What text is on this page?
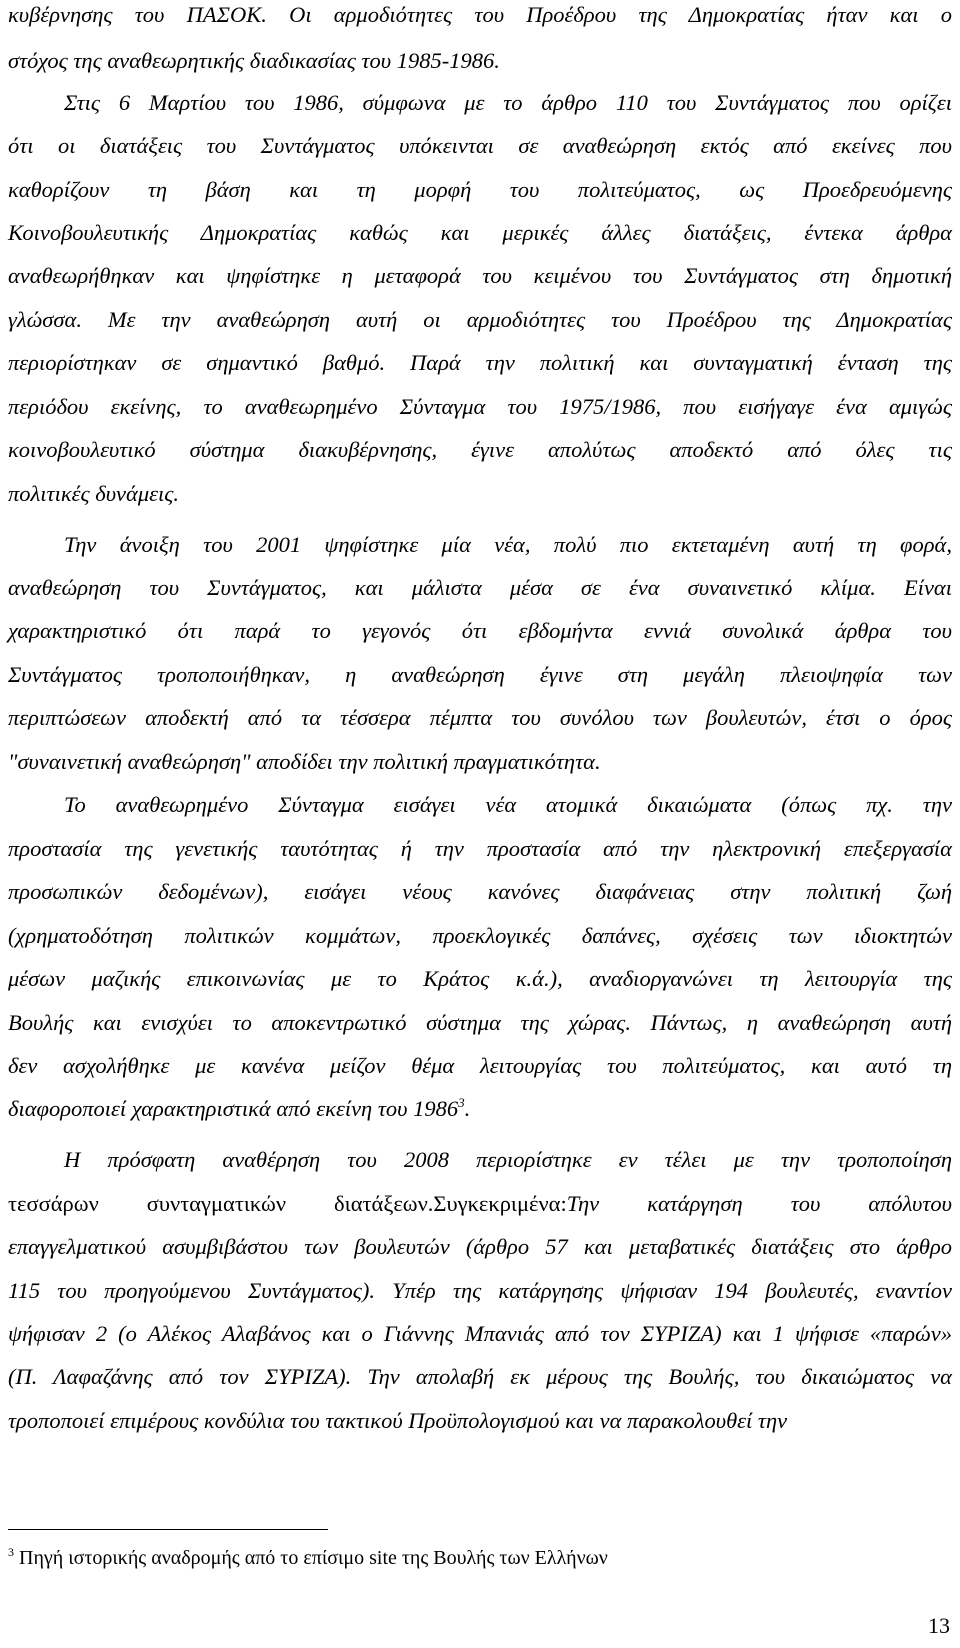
κυβέρνησης του ΠΑΣΟΚ. Οι αρμοδιότητες του Προέδρου της Δημοκρατίας ήταν και ο
στόχος της αναθεωρητικής διαδικασίας του 1985-1986.
Στις 6 Μαρτίου του 1986, σύμφωνα με το άρθρο 110 του Συντάγματος που ορίζει
ότι οι διατάξεις του Συντάγματος υπόκεινται σε αναθεώρηση εκτός από εκείνες που
καθορίζουν τη βάση και τη μορφή του πολιτεύματος, ως Προεδρευόμενης
Κοινοβουλευτικής Δημοκρατίας καθώς και μερικές άλλες διατάξεις, έντεκα άρθρα
αναθεωρήθηκαν και ψηφίστηκε η μεταφορά του κειμένου του Συντάγματος στη δημοτική
γλώσσα. Με την αναθεώρηση αυτή οι αρμοδιότητες του Προέδρου της Δημοκρατίας
περιορίστηκαν σε σημαντικό βαθμό. Παρά την πολιτική και συνταγματική ένταση της
περιόδου εκείνης, το αναθεωρημένο Σύνταγμα του 1975/1986, που εισήγαγε ένα αμιγώς
κοινοβουλευτικό σύστημα διακυβέρνησης, έγινε απολύτως αποδεκτό από όλες τις
πολιτικές δυνάμεις.
Την άνοιξη του 2001 ψηφίστηκε μία νέα, πολύ πιο εκτεταμένη αυτή τη φορά,
αναθεώρηση του Συντάγματος, και μάλιστα μέσα σε ένα συναινετικό κλίμα. Είναι
χαρακτηριστικό ότι παρά το γεγονός ότι εβδομήντα εννιά συνολικά άρθρα του
Συντάγματος τροποποιήθηκαν, η αναθεώρηση έγινε στη μεγάλη πλειοψηφία των
περιπτώσεων αποδεκτή από τα τέσσερα πέμπτα του συνόλου των βουλευτών, έτσι ο όρος
"συναινετική αναθεώρηση" αποδίδει την πολιτική πραγματικότητα.
Το αναθεωρημένο Σύνταγμα εισάγει νέα ατομικά δικαιώματα (όπως πχ. την
προστασία της γενετικής ταυτότητας ή την προστασία από την ηλεκτρονική επεξεργασία
προσωπικών δεδομένων), εισάγει νέους κανόνες διαφάνειας στην πολιτική ζωή
(χρηματοδότηση πολιτικών κομμάτων, προεκλογικές δαπάνες, σχέσεις των ιδιοκτητών
μέσων μαζικής επικοινωνίας με το Κράτος κ.ά.), αναδιοργανώνει τη λειτουργία της
Βουλής και ενισχύει το αποκεντρωτικό σύστημα της χώρας. Πάντως, η αναθεώρηση αυτή
δεν ασχολήθηκε με κανένα μείζον θέμα λειτουργίας του πολιτεύματος, και αυτό τη
διαφοροποιεί χαρακτηριστικά από εκείνη του 1986$^3$.
Η πρόσφατη αναθέρηση του 2008 περιορίστηκε εν τέλει με την τροποποίηση
τεσσάρων συνταγματικών διατάξεων.Συγκεκριμένα:Την κατάργηση του απόλυτου
επαγγελματικού ασυμβιβάστου των βουλευτών (άρθρο 57 και μεταβατικές διατάξεις στο άρθρο
115 του προηγούμενου Συντάγματος). Υπέρ της κατάργησης ψήφισαν 194 βουλευτές, εναντίον
ψήφισαν 2 (ο Αλέκος Αλαβάνος και ο Γιάννης Μπανιάς από τον ΣΥΡΙΖΑ) και 1 ψήφισε «παρών»
(Π. Λαφαζάνης από τον ΣΥΡΙΖΑ). Την απολαβή εκ μέρους της Βουλής, του δικαιώματος να
τροποποιεί επιμέρους κονδύλια του τακτικού Προϋπολογισμού και να παρακολουθεί την
$^3$ Πηγή ιστορικής αναδρομής από το επίσιμο site της Βουλής των Ελλήνων
13
